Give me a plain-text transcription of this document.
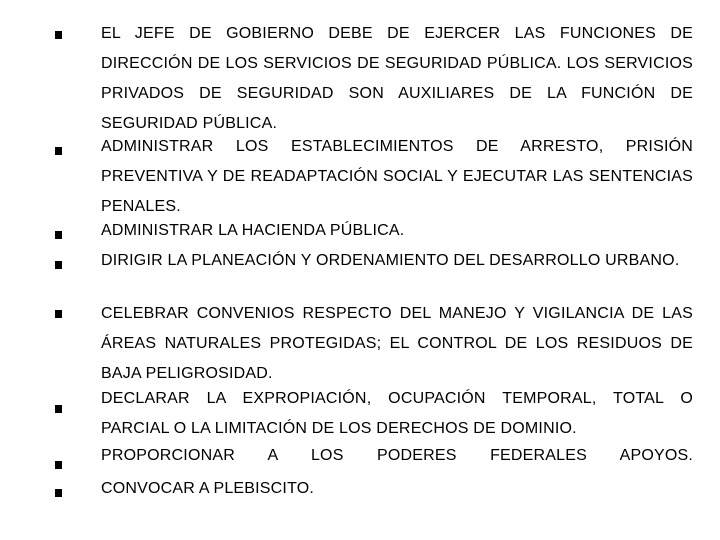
EL JEFE DE GOBIERNO DEBE DE EJERCER LAS FUNCIONES DE DIRECCIÓN DE LOS SERVICIOS DE SEGURIDAD PÚBLICA. LOS SERVICIOS PRIVADOS DE SEGURIDAD SON AUXILIARES DE LA FUNCIÓN DE SEGURIDAD PÚBLICA.
ADMINISTRAR LOS ESTABLECIMIENTOS DE ARRESTO, PRISIÓN PREVENTIVA Y DE READAPTACIÓN SOCIAL Y EJECUTAR LAS SENTENCIAS PENALES.
ADMINISTRAR LA HACIENDA PÚBLICA.
DIRIGIR LA PLANEACIÓN Y ORDENAMIENTO DEL DESARROLLO URBANO.
CELEBRAR CONVENIOS RESPECTO DEL MANEJO Y VIGILANCIA DE LAS ÁREAS NATURALES PROTEGIDAS; EL CONTROL DE LOS RESIDUOS DE BAJA PELIGROSIDAD.
DECLARAR LA EXPROPIACIÓN, OCUPACIÓN TEMPORAL, TOTAL O PARCIAL O LA LIMITACIÓN DE LOS DERECHOS DE DOMINIO.
PROPORCIONAR A LOS PODERES FEDERALES APOYOS.
CONVOCAR A PLEBISCITO.
